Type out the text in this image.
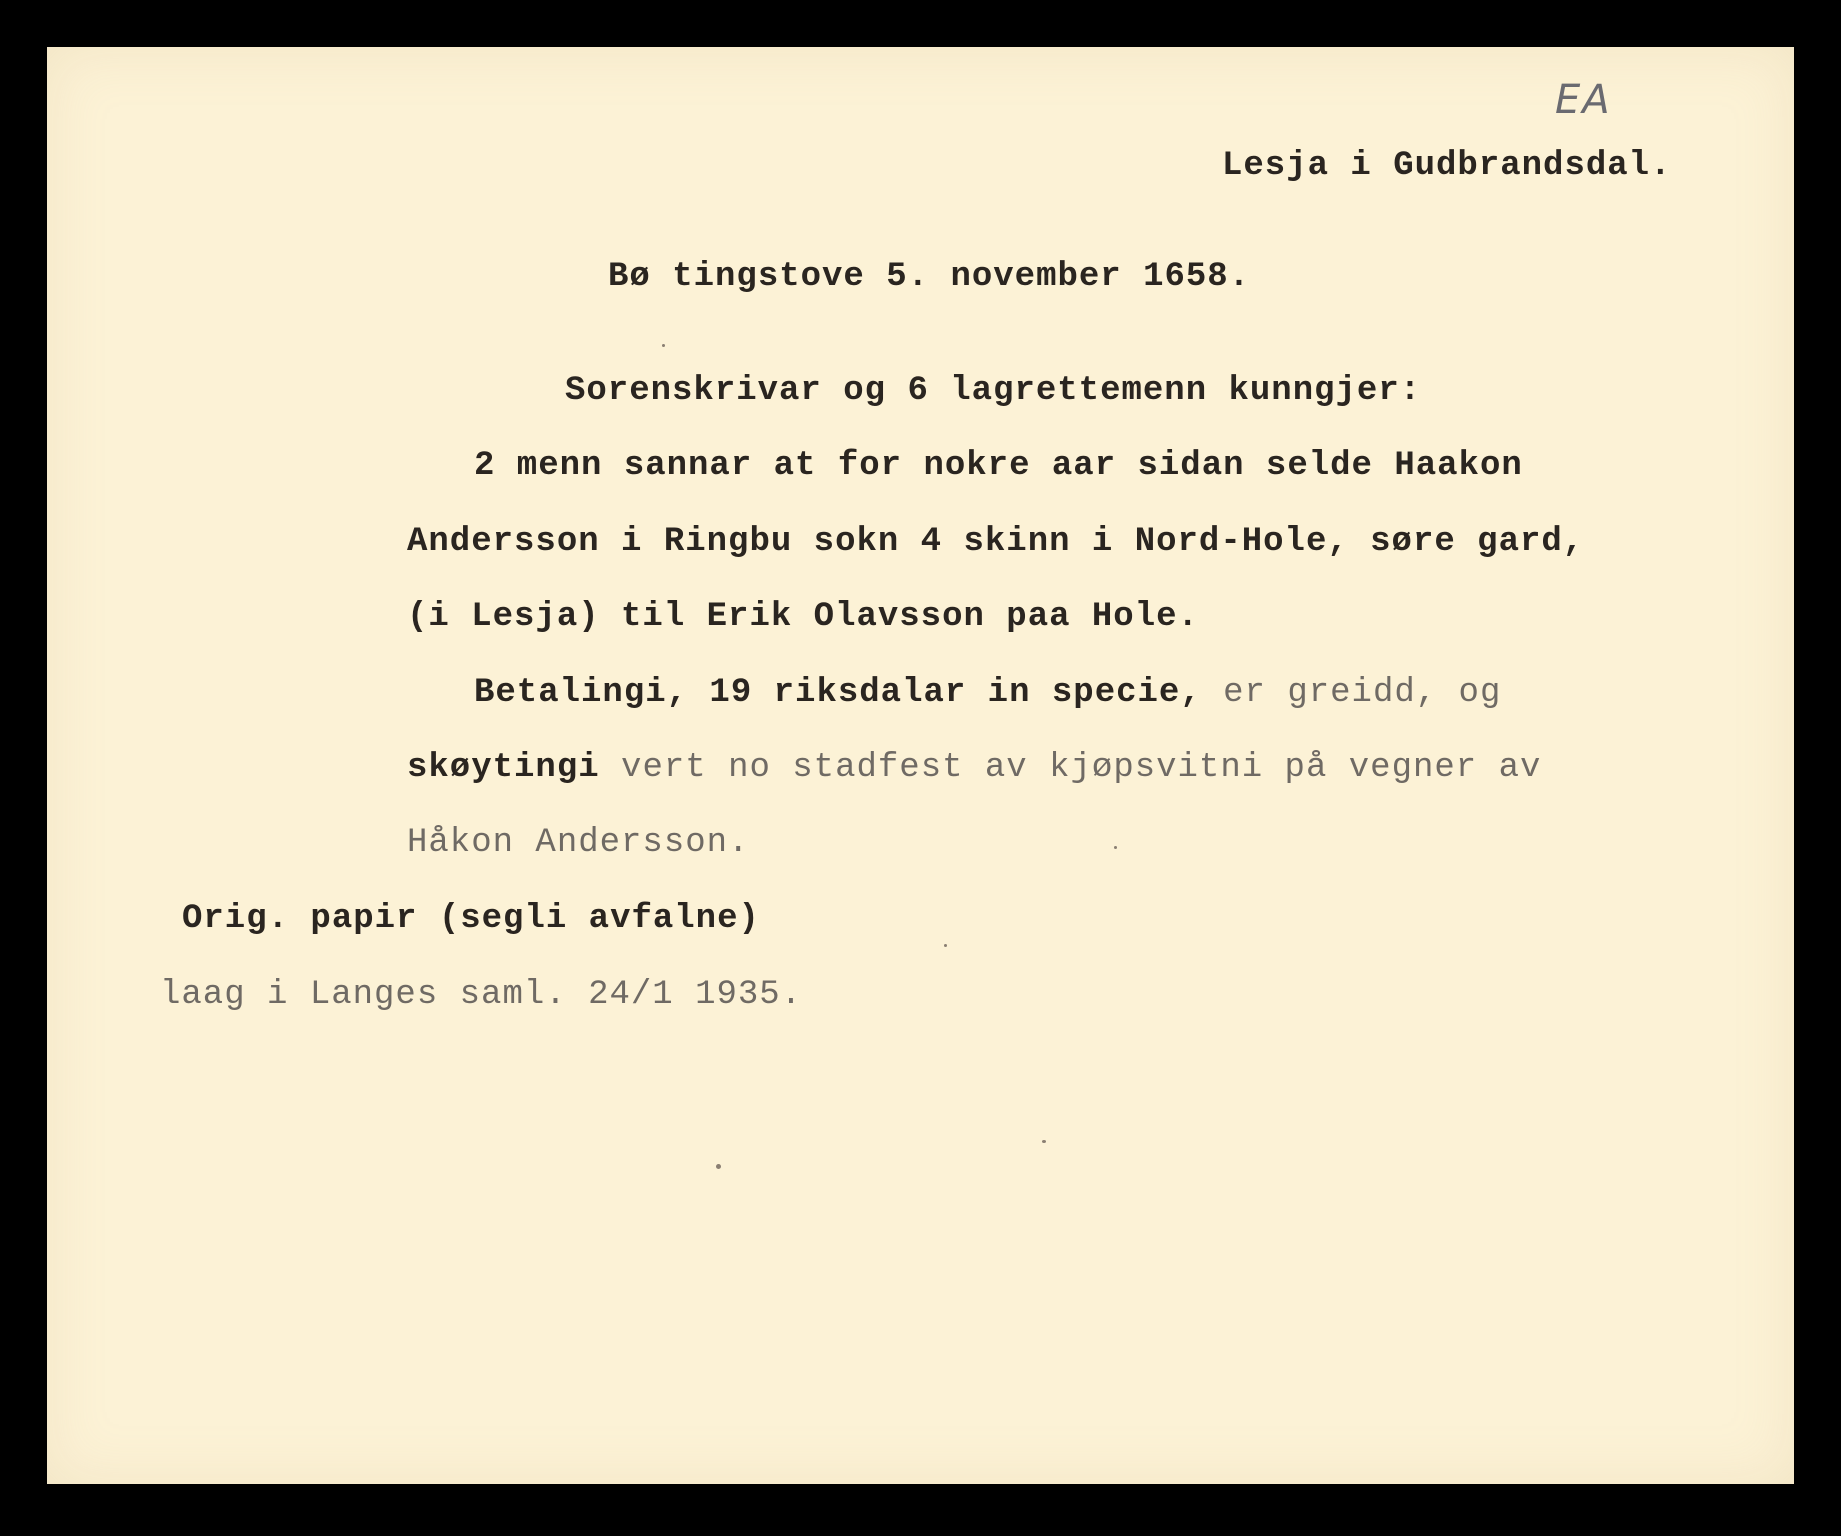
EA
Lesja i Gudbrandsdal.
Bø tingstove 5. november 1658.
Sorenskrivar og 6 lagrettemenn kunngjer:
2 menn sannar at for nokre aar sidan selde Haakon
Andersson i Ringbu sokn 4 skinn i Nord-Hole, søre gard,
(i Lesja) til Erik Olavsson paa Hole.
Betalingi, 19 riksdalar in specie, er greidd, og
skøytingi vert no stadfest av kjøpsvitni på vegner av
Håkon Andersson.
Orig. papir (segli avfalne)
laag i Langes saml. 24/1 1935.
